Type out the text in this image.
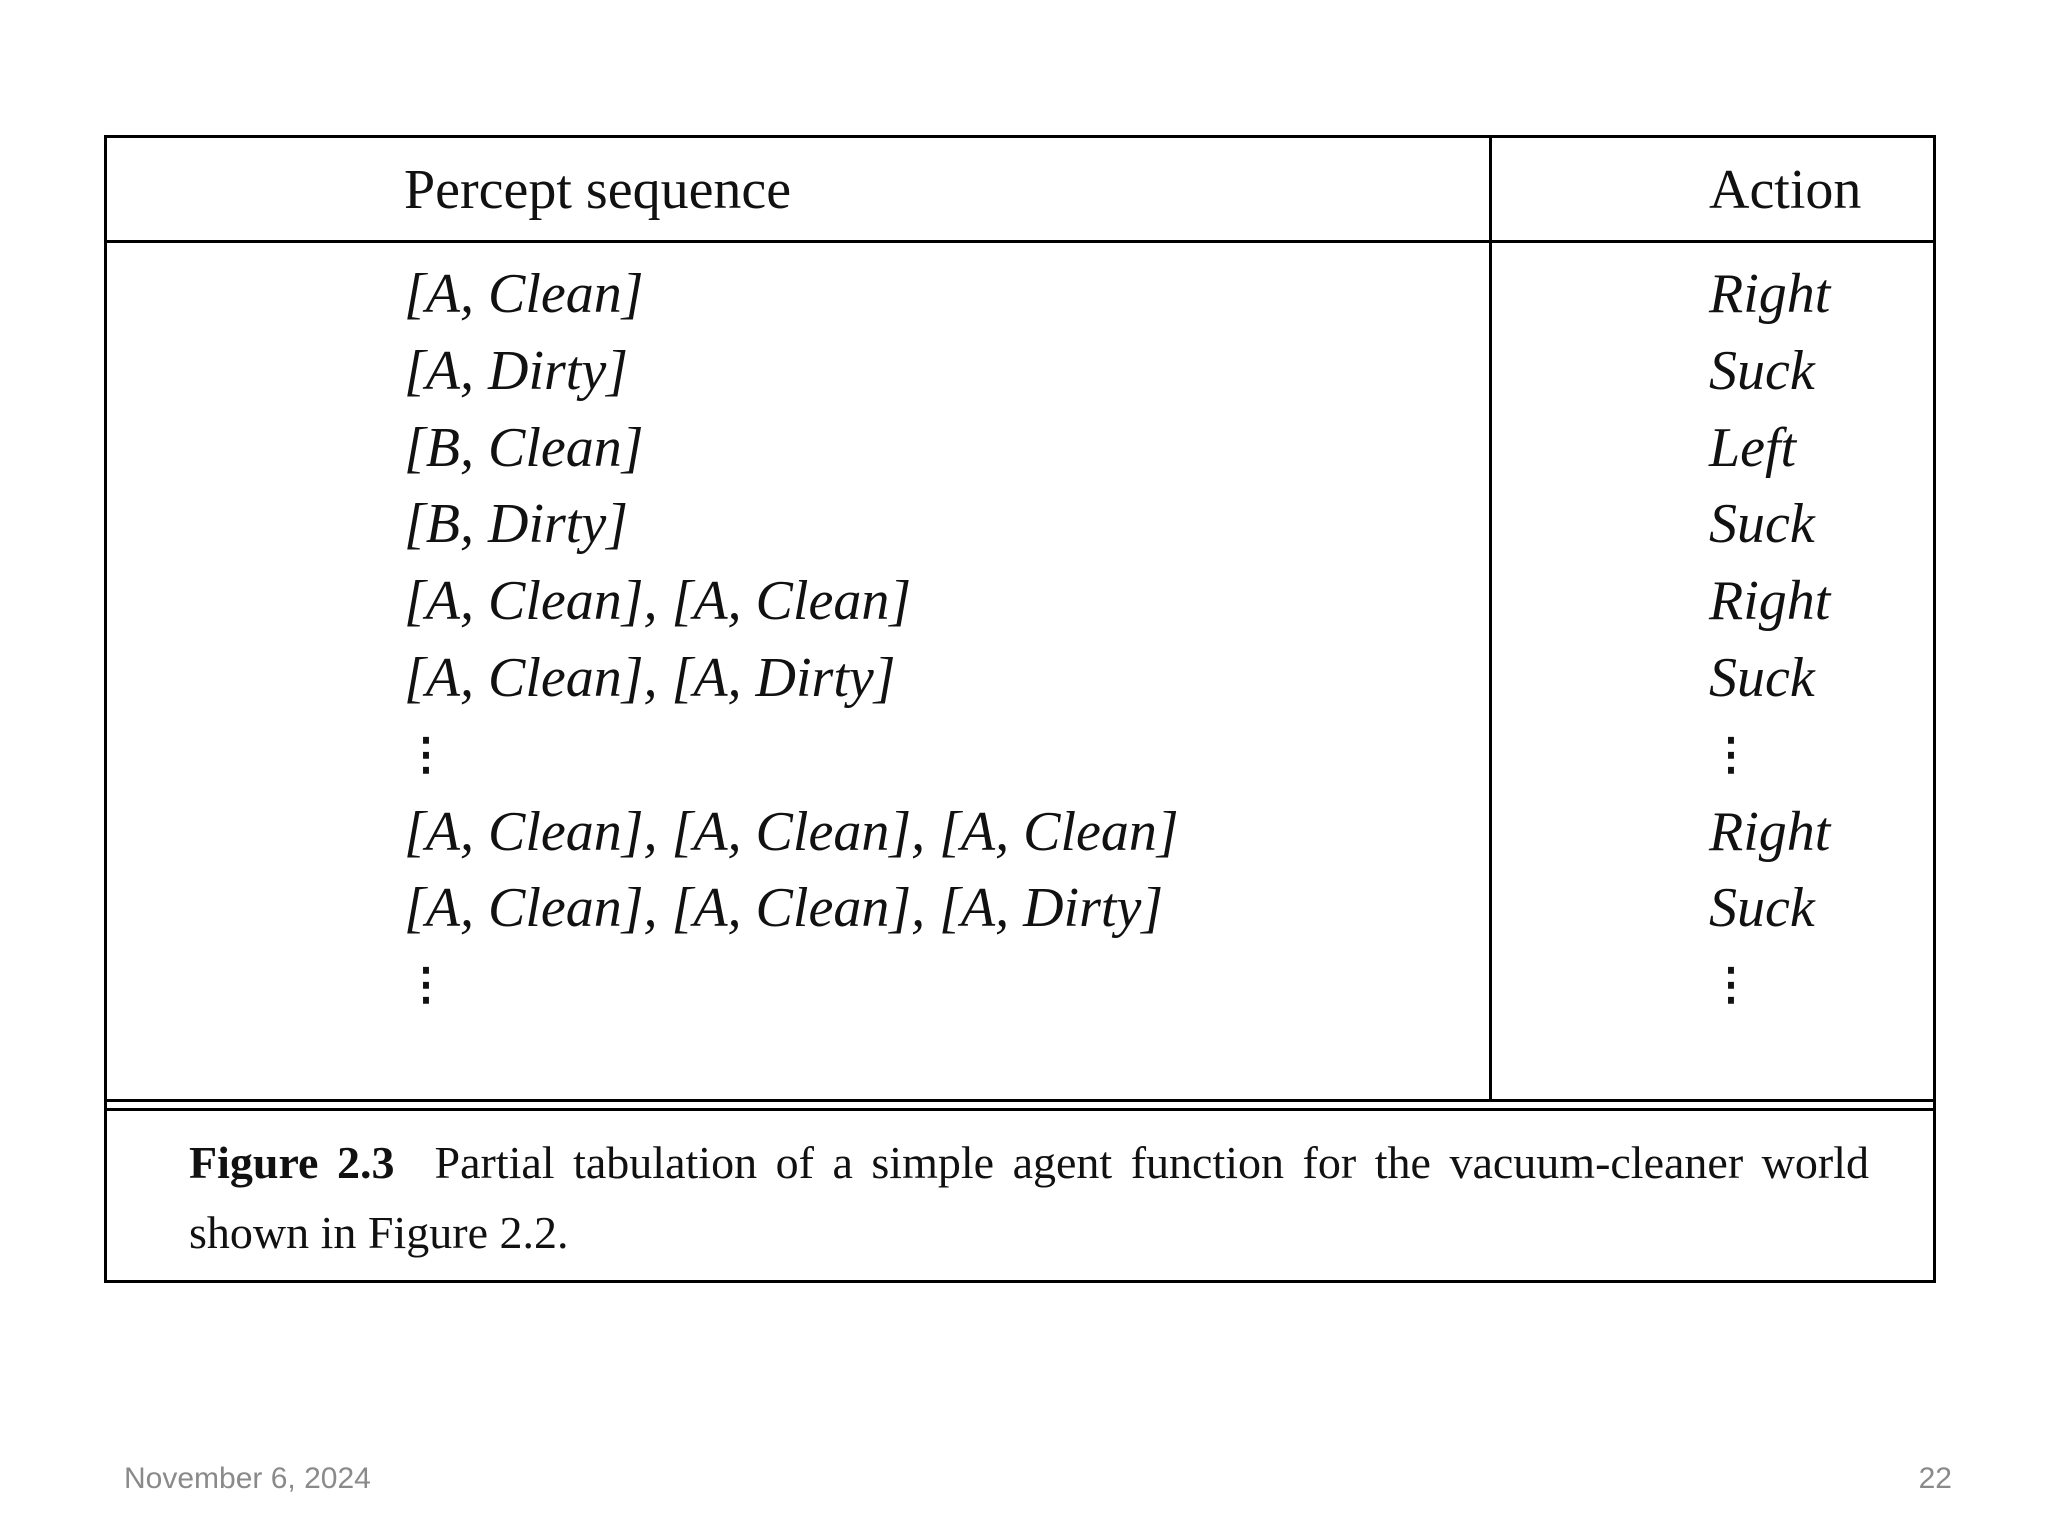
Percept sequence	Action
[A, Clean]
[A, Dirty]
[B, Clean]
[B, Dirty]
[A, Clean], [A, Clean]
[A, Clean], [A, Dirty]
⋮
[A, Clean], [A, Clean], [A, Clean]
[A, Clean], [A, Clean], [A, Dirty]
⋮
Right
Suck
Left
Suck
Right
Suck
⋮
Right
Suck
⋮
Figure 2.3 Partial tabulation of a simple agent function for the vacuum-cleaner world shown in Figure 2.2.
November 6, 2024	22
